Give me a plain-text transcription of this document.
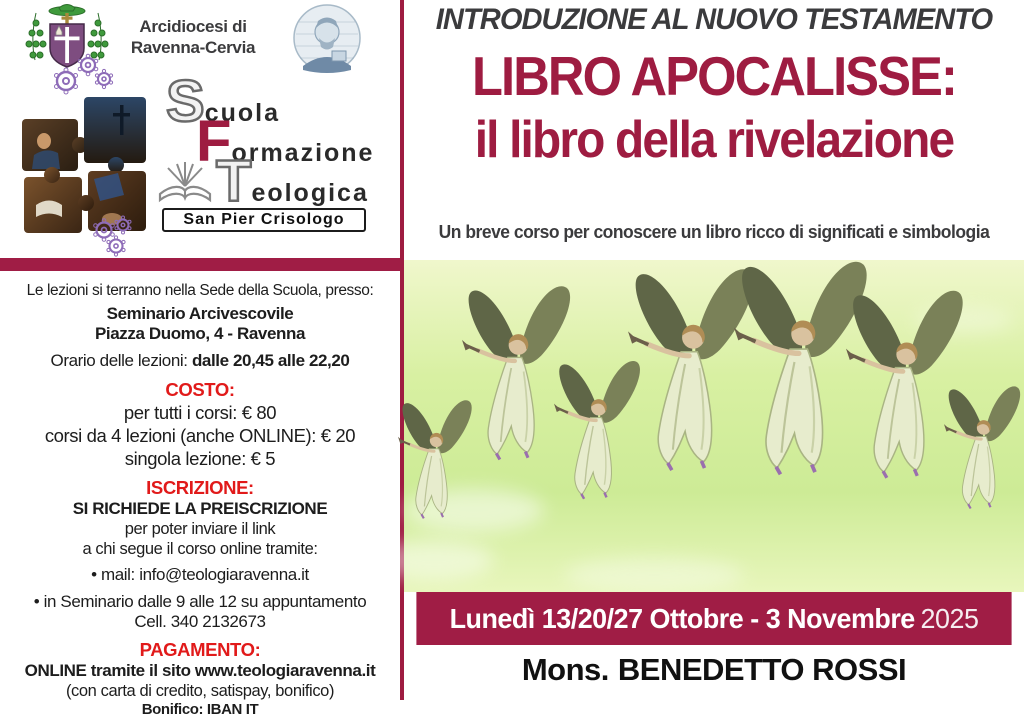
Arcidiocesi di
Ravenna-Cervia
Scuola
Formazione
Teologica
San Pier Crisologo

Le lezioni si terranno nella Sede della Scuola, presso:

Seminario Arcivescovile

Piazza Duomo, 4 - Ravenna

Orario delle lezioni: dalle 20,45 alle 22,20

COSTO:

per tutti i corsi: € 80

corsi da 4 lezioni (anche ONLINE): € 20

singola lezione: € 5

ISCRIZIONE:

SI RICHIEDE LA PREISCRIZIONE

per poter inviare il link

a chi segue il corso online tramite:

• mail: info@teologiaravenna.it

• in Seminario dalle 9 alle 12 su appuntamento

Cell. 340 2132673

PAGAMENTO:

ONLINE tramite il sito www.teologiaravenna.it

(con carta di credito, satispay, bonifico)

Bonifico: IBAN IT

INTRODUZIONE AL NUOVO TESTAMENTO
LIBRO APOCALISSE:
il libro della rivelazione
Un breve corso per conoscere un libro ricco di significati e simbologia
Lunedì 13/20/27 Ottobre - 3 Novembre 2025
Mons. BENEDETTO ROSSI
